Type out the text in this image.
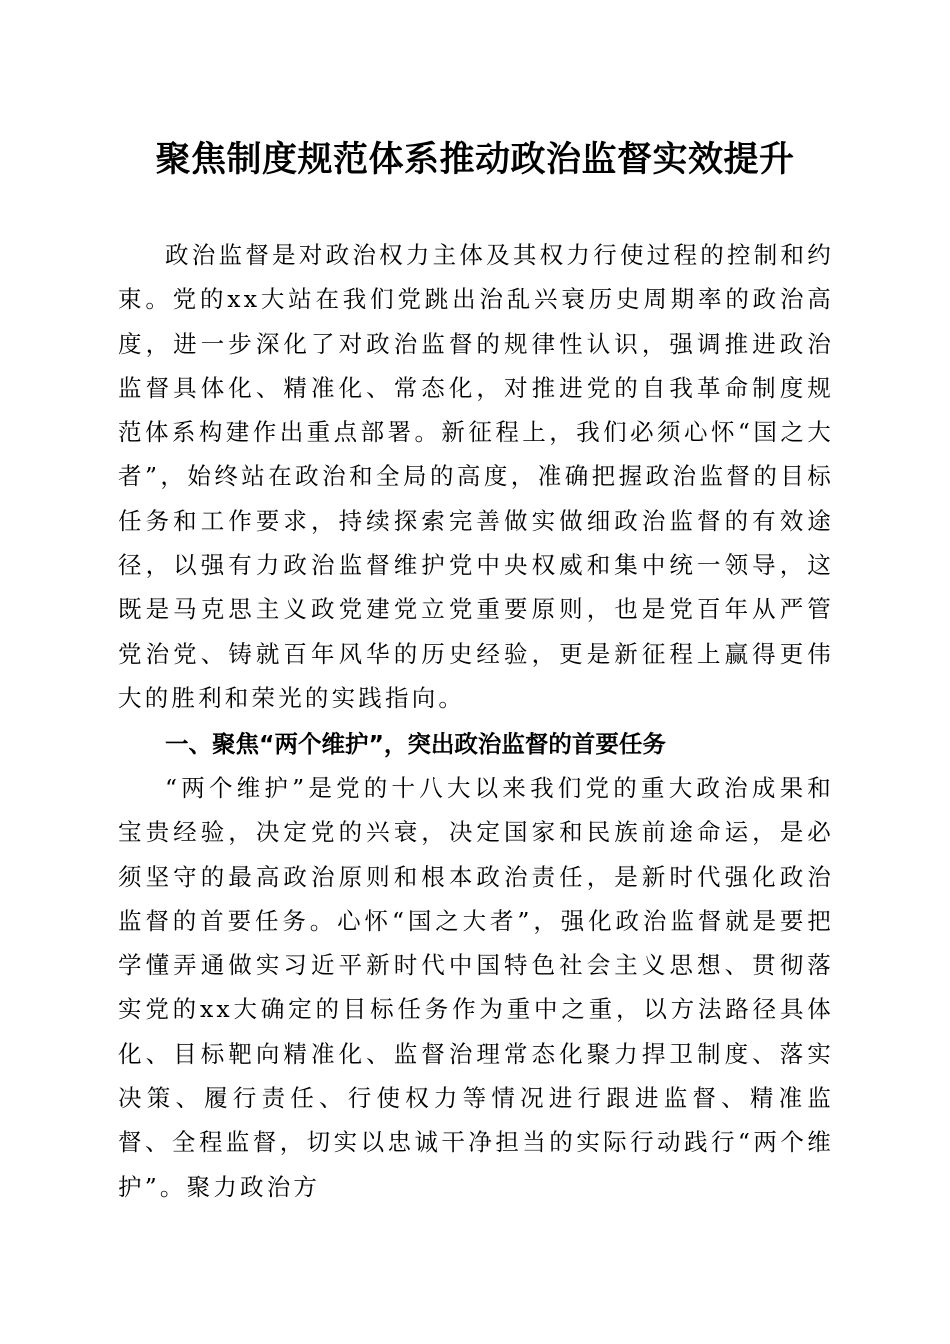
聚焦制度规范体系推动政治监督实效提升

政治监督是对政治权力主体及其权力行使过程的控制和约束。党的xx大站在我们党跳出治乱兴衰历史周期率的政治高度，进一步深化了对政治监督的规律性认识，强调推进政治监督具体化、精准化、常态化，对推进党的自我革命制度规范体系构建作出重点部署。新征程上，我们必须心怀“国之大者”，始终站在政治和全局的高度，准确把握政治监督的目标任务和工作要求，持续探索完善做实做细政治监督的有效途径，以强有力政治监督维护党中央权威和集中统一领导，这既是马克思主义政党建党立党重要原则，也是党百年从严管党治党、铸就百年风华的历史经验，更是新征程上赢得更伟大的胜利和荣光的实践指向。

一、聚焦“两个维护”，突出政治监督的首要任务

“两个维护”是党的十八大以来我们党的重大政治成果和宝贵经验，决定党的兴衰，决定国家和民族前途命运，是必须坚守的最高政治原则和根本政治责任，是新时代强化政治监督的首要任务。心怀“国之大者”，强化政治监督就是要把学懂弄通做实习近平新时代中国特色社会主义思想、贯彻落实党的xx大确定的目标任务作为重中之重，以方法路径具体化、目标靶向精准化、监督治理常态化聚力捍卫制度、落实决策、履行责任、行使权力等情况进行跟进监督、精准监督、全程监督，切实以忠诚干净担当的实际行动践行“两个维护”。聚力政治方
